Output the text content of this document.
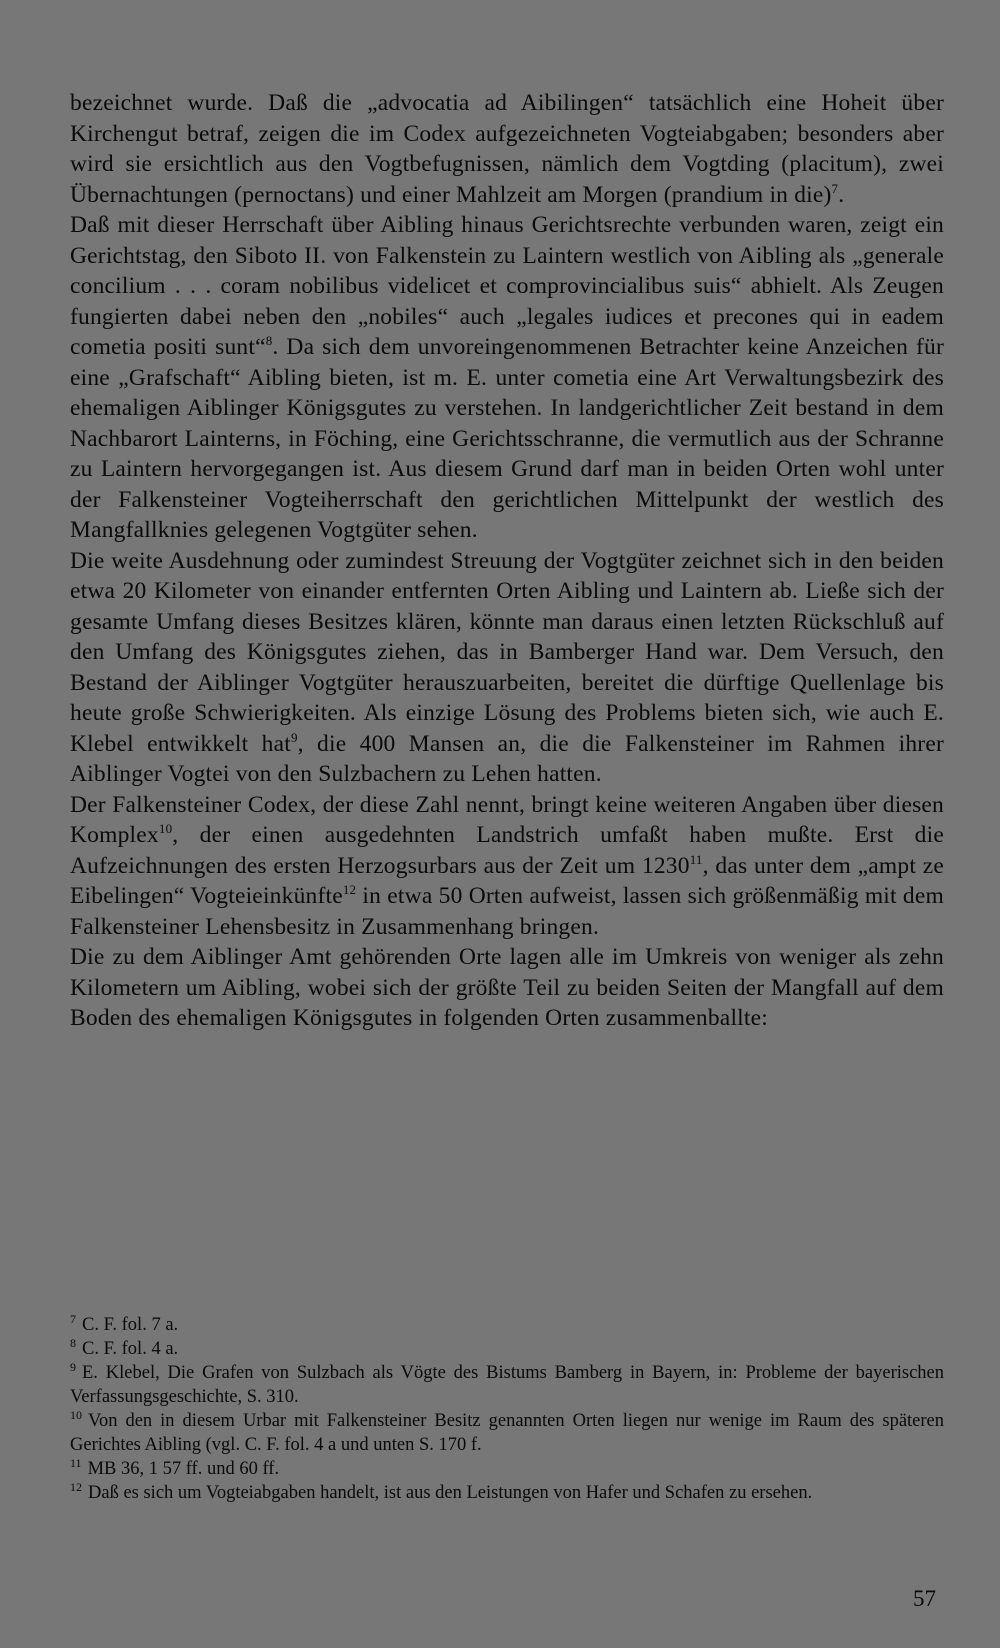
bezeichnet wurde. Daß die „advocatia ad Aibilingen“ tatsächlich eine Hoheit über Kirchengut betraf, zeigen die im Codex aufgezeichneten Vogteiabgaben; besonders aber wird sie ersichtlich aus den Vogtbefugnissen, nämlich dem Vogtding (placitum), zwei Übernachtungen (pernoctans) und einer Mahlzeit am Morgen (prandium in die)$^7$.

Daß mit dieser Herrschaft über Aibling hinaus Gerichtsrechte verbunden waren, zeigt ein Gerichtstag, den Siboto II. von Falkenstein zu Laintern westlich von Aibling als „generale concilium . . . coram nobilibus videlicet et comprovincialibus suis“ abhielt. Als Zeugen fungierten dabei neben den „nobiles“ auch „legales iudices et precones qui in eadem cometia positi sunt“$^8$. Da sich dem unvoreingenommenen Betrachter keine Anzeichen für eine „Grafschaft“ Aibling bieten, ist m. E. unter cometia eine Art Verwaltungsbezirk des ehemaligen Aiblinger Königsgutes zu verstehen. In landgerichtlicher Zeit bestand in dem Nachbarort Lainterns, in Föching, eine Gerichtsschranne, die vermutlich aus der Schranne zu Laintern hervorgegangen ist. Aus diesem Grund darf man in beiden Orten wohl unter der Falkensteiner Vogteiherrschaft den gerichtlichen Mittelpunkt der westlich des Mangfallknies gelegenen Vogtgüter sehen.

Die weite Ausdehnung oder zumindest Streuung der Vogtgüter zeichnet sich in den beiden etwa 20 Kilometer von einander entfernten Orten Aibling und Laintern ab. Ließe sich der gesamte Umfang dieses Besitzes klären, könnte man daraus einen letzten Rückschluß auf den Umfang des Königsgutes ziehen, das in Bamberger Hand war. Dem Versuch, den Bestand der Aiblinger Vogtgüter herauszuarbeiten, bereitet die dürftige Quellenlage bis heute große Schwierigkeiten. Als einzige Lösung des Problems bieten sich, wie auch E. Klebel entwikkelt hat$^9$, die 400 Mansen an, die die Falkensteiner im Rahmen ihrer Aiblinger Vogtei von den Sulzbachern zu Lehen hatten.

Der Falkensteiner Codex, der diese Zahl nennt, bringt keine weiteren Angaben über diesen Komplex$^{10}$, der einen ausgedehnten Landstrich umfaßt haben mußte. Erst die Aufzeichnungen des ersten Herzogsurbars aus der Zeit um 1230$^{11}$, das unter dem „ampt ze Eibelingen“ Vogteieinkünfte$^{12}$ in etwa 50 Orten aufweist, lassen sich größenmäßig mit dem Falkensteiner Lehensbesitz in Zusammenhang bringen.

Die zu dem Aiblinger Amt gehörenden Orte lagen alle im Umkreis von weniger als zehn Kilometern um Aibling, wobei sich der größte Teil zu beiden Seiten der Mangfall auf dem Boden des ehemaligen Königsgutes in folgenden Orten zusammenballte:

$^7$ C. F. fol. 7 a.

$^8$ C. F. fol. 4 a.

$^9$ E. Klebel, Die Grafen von Sulzbach als Vögte des Bistums Bamberg in Bayern, in: Probleme der bayerischen Verfassungsgeschichte, S. 310.

$^{10}$ Von den in diesem Urbar mit Falkensteiner Besitz genannten Orten liegen nur wenige im Raum des späteren Gerichtes Aibling (vgl. C. F. fol. 4 a und unten S. 170 f.

$^{11}$ MB 36, 1 57 ff. und 60 ff.

$^{12}$ Daß es sich um Vogteiabgaben handelt, ist aus den Leistungen von Hafer und Schafen zu ersehen.

57
